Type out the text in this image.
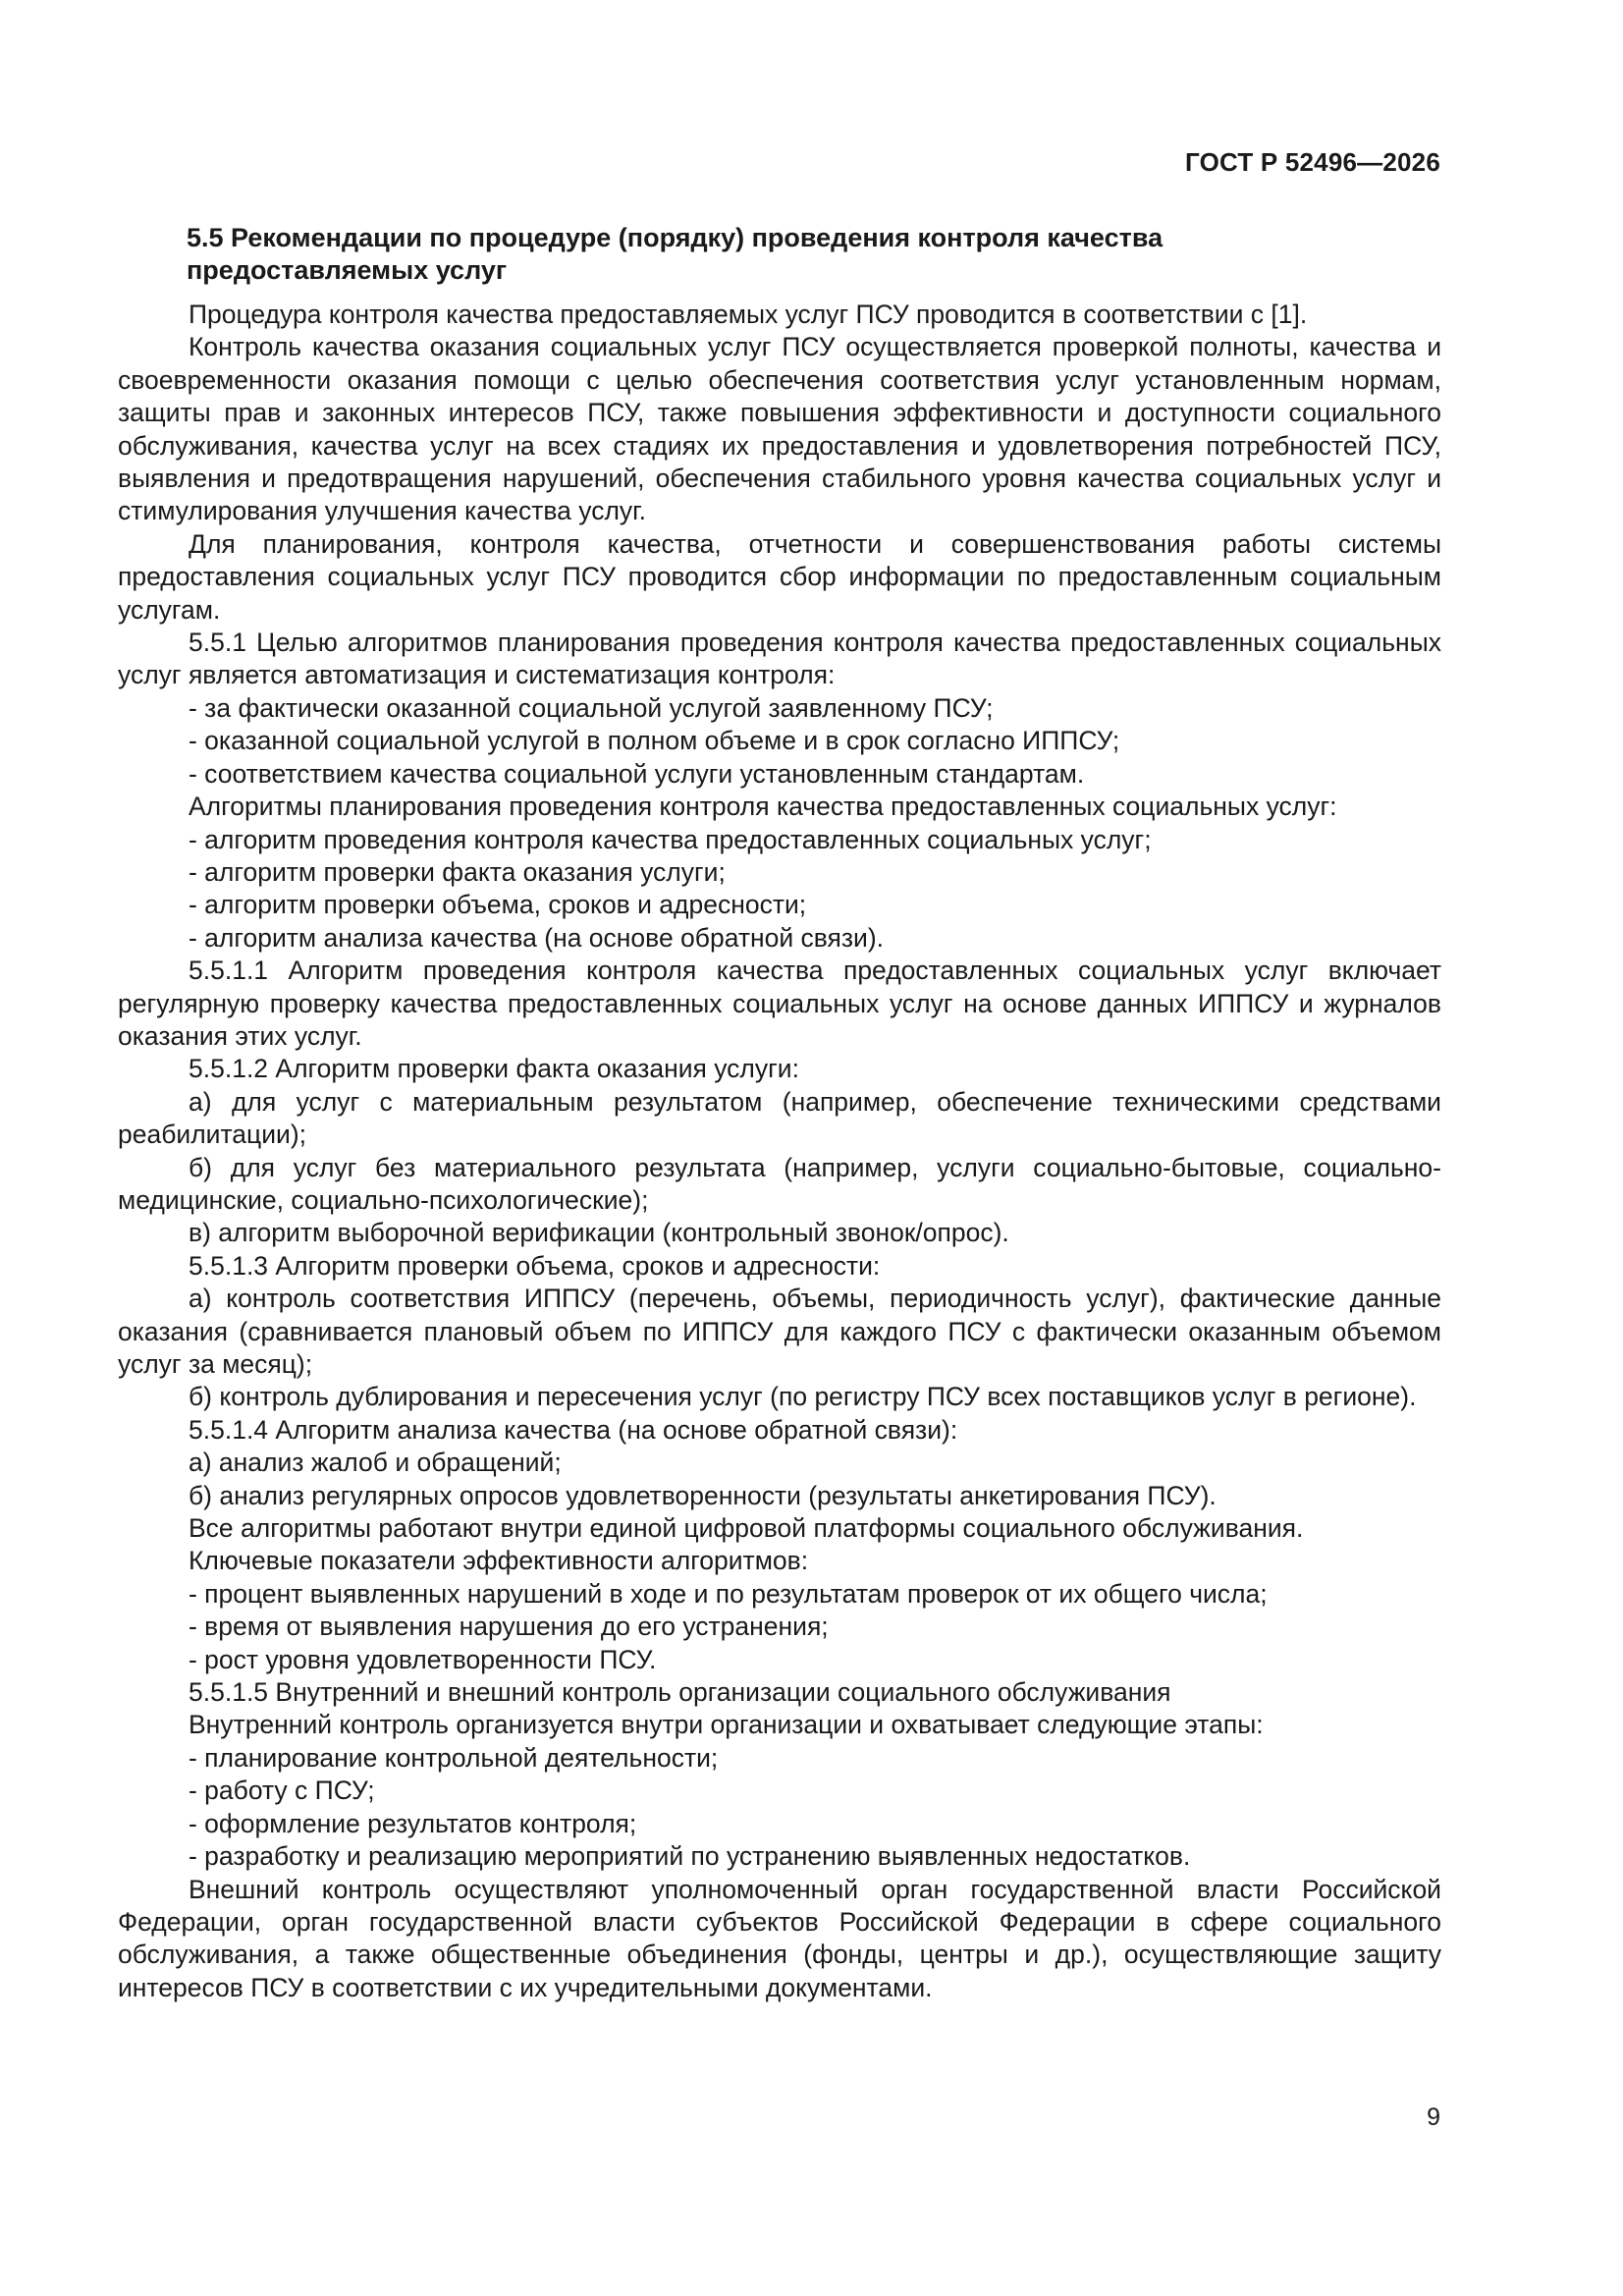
ГОСТ Р 52496—2026
5.5 Рекомендации по процедуре (порядку) проведения контроля качества предоставляемых услуг

Процедура контроля качества предоставляемых услуг ПСУ проводится в соответствии с [1].

Контроль качества оказания социальных услуг ПСУ осуществляется проверкой полноты, качества и своевременности оказания помощи с целью обеспечения соответствия услуг установленным нормам, защиты прав и законных интересов ПСУ, также повышения эффективности и доступности социального обслуживания, качества услуг на всех стадиях их предоставления и удовлетворения потребностей ПСУ, выявления и предотвращения нарушений, обеспечения стабильного уровня качества социальных услуг и стимулирования улучшения качества услуг.

Для планирования, контроля качества, отчетности и совершенствования работы системы предоставления социальных услуг ПСУ проводится сбор информации по предоставленным социальным услугам.

5.5.1 Целью алгоритмов планирования проведения контроля качества предоставленных социальных услуг является автоматизация и систематизация контроля:

- за фактически оказанной социальной услугой заявленному ПСУ;

- оказанной социальной услугой в полном объеме и в срок согласно ИППСУ;

- соответствием качества социальной услуги установленным стандартам.

Алгоритмы планирования проведения контроля качества предоставленных социальных услуг:

- алгоритм проведения контроля качества предоставленных социальных услуг;

- алгоритм проверки факта оказания услуги;

- алгоритм проверки объема, сроков и адресности;

- алгоритм анализа качества (на основе обратной связи).

5.5.1.1 Алгоритм проведения контроля качества предоставленных социальных услуг включает регулярную проверку качества предоставленных социальных услуг на основе данных ИППСУ и журналов оказания этих услуг.

5.5.1.2 Алгоритм проверки факта оказания услуги:

а) для услуг с материальным результатом (например, обеспечение техническими средствами реабилитации);

б) для услуг без материального результата (например, услуги социально-бытовые, социально-медицинские, социально-психологические);

в) алгоритм выборочной верификации (контрольный звонок/опрос).

5.5.1.3 Алгоритм проверки объема, сроков и адресности:

а) контроль соответствия ИППСУ (перечень, объемы, периодичность услуг), фактические данные оказания (сравнивается плановый объем по ИППСУ для каждого ПСУ с фактически оказанным объемом услуг за месяц);

б) контроль дублирования и пересечения услуг (по регистру ПСУ всех поставщиков услуг в регионе).

5.5.1.4 Алгоритм анализа качества (на основе обратной связи):

а) анализ жалоб и обращений;

б) анализ регулярных опросов удовлетворенности (результаты анкетирования ПСУ).

Все алгоритмы работают внутри единой цифровой платформы социального обслуживания.

Ключевые показатели эффективности алгоритмов:

- процент выявленных нарушений в ходе и по результатам проверок от их общего числа;

- время от выявления нарушения до его устранения;

- рост уровня удовлетворенности ПСУ.

5.5.1.5 Внутренний и внешний контроль организации социального обслуживания

Внутренний контроль организуется внутри организации и охватывает следующие этапы:

- планирование контрольной деятельности;

- работу с ПСУ;

- оформление результатов контроля;

- разработку и реализацию мероприятий по устранению выявленных недостатков.

Внешний контроль осуществляют уполномоченный орган государственной власти Российской Федерации, орган государственной власти субъектов Российской Федерации в сфере социального обслуживания, а также общественные объединения (фонды, центры и др.), осуществляющие защиту интересов ПСУ в соответствии с их учредительными документами.

9
